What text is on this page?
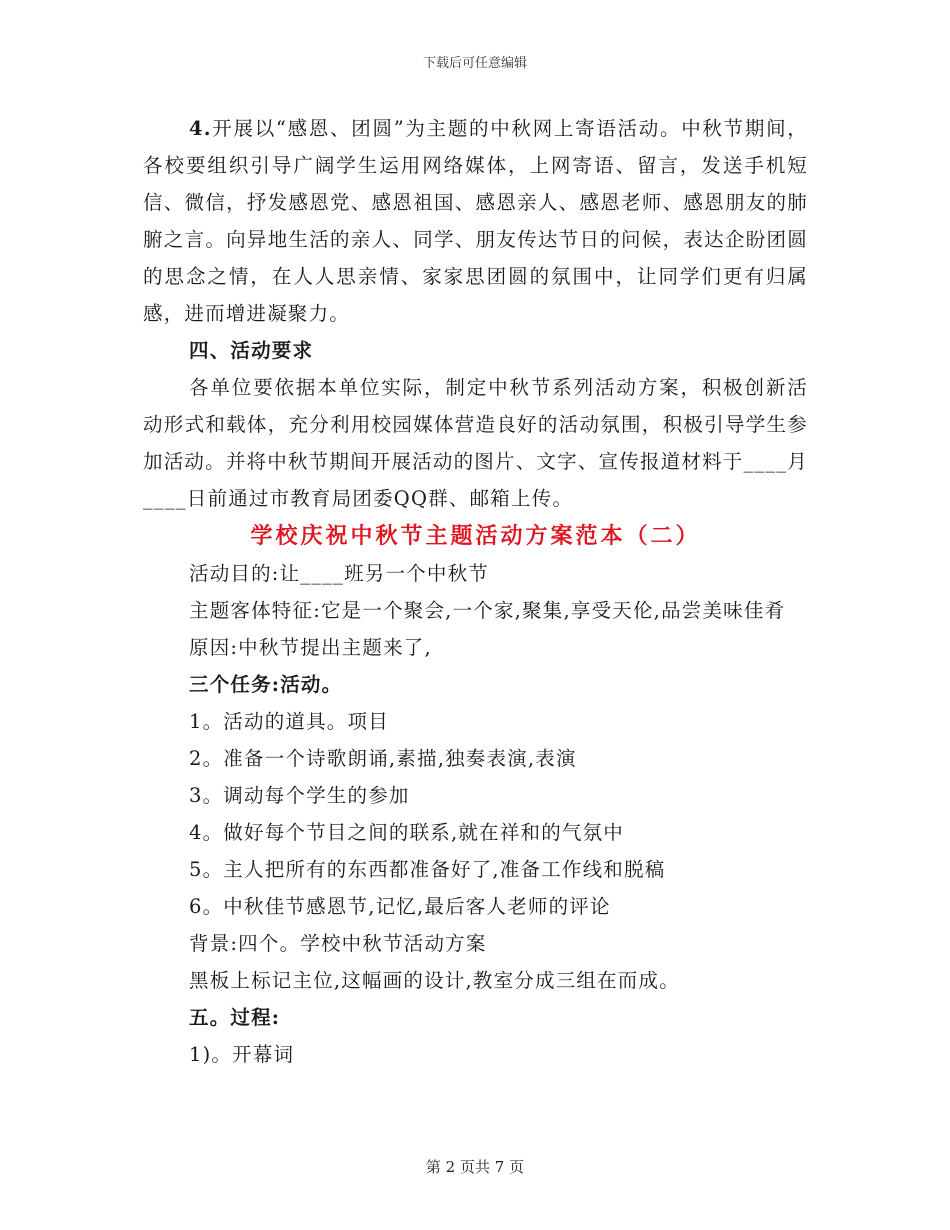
下载后可任意编辑

4.开展以“感恩、团圆”为主题的中秋网上寄语活动。中秋节期间，各校要组织引导广阔学生运用网络媒体，上网寄语、留言，发送手机短信、微信，抒发感恩党、感恩祖国、感恩亲人、感恩老师、感恩朋友的肺腑之言。向异地生活的亲人、同学、朋友传达节日的问候，表达企盼团圆的思念之情，在人人思亲情、家家思团圆的氛围中，让同学们更有归属感，进而增进凝聚力。

四、活动要求

各单位要依据本单位实际，制定中秋节系列活动方案，积极创新活动形式和载体，充分利用校园媒体营造良好的活动氛围，积极引导学生参加活动。并将中秋节期间开展活动的图片、文字、宣传报道材料于____月____日前通过市教育局团委QQ群、邮箱上传。

学校庆祝中秋节主题活动方案范本（二）

活动目的:让____班另一个中秋节

主题客体特征:它是一个聚会,一个家,聚集,享受天伦,品尝美味佳肴

原因:中秋节提出主题来了,

三个任务:活动。

1。活动的道具。项目

2。准备一个诗歌朗诵,素描,独奏表演,表演

3。调动每个学生的参加

4。做好每个节目之间的联系,就在祥和的气氛中

5。主人把所有的东西都准备好了,准备工作线和脱稿

6。中秋佳节感恩节,记忆,最后客人老师的评论

背景:四个。学校中秋节活动方案

黑板上标记主位,这幅画的设计,教室分成三组在而成。

五。过程:

1)。开幕词

第 2 页共 7 页
